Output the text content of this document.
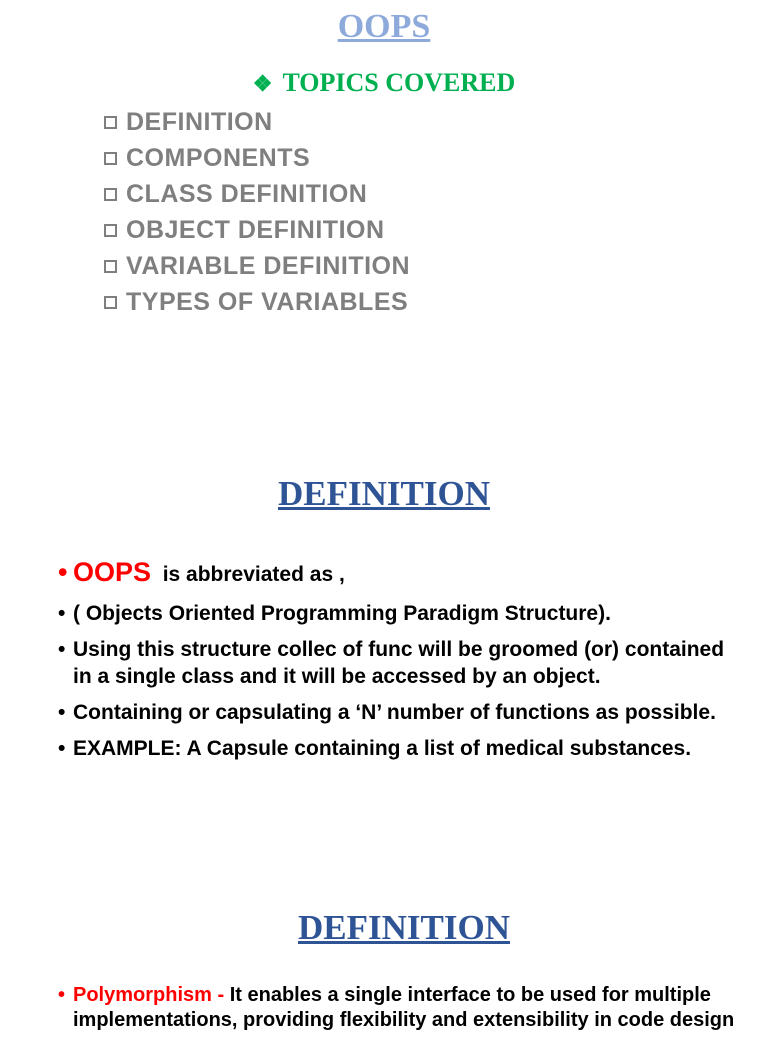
OOPS
❖ TOPICS COVERED
DEFINITION
COMPONENTS
CLASS DEFINITION
OBJECT DEFINITION
VARIABLE DEFINITION
TYPES OF VARIABLES
DEFINITION
• OOPS  is abbreviated as ,
• ( Objects Oriented Programming Paradigm Structure).
• Using this structure collec of func will be groomed (or) contained in a single class and it will be accessed by an object.
• Containing or capsulating a ‘N’ number of functions as possible.
• EXAMPLE: A Capsule containing a list of medical substances.
DEFINITION
• Polymorphism - It enables a single interface to be used for multiple implementations, providing flexibility and extensibility in code design
